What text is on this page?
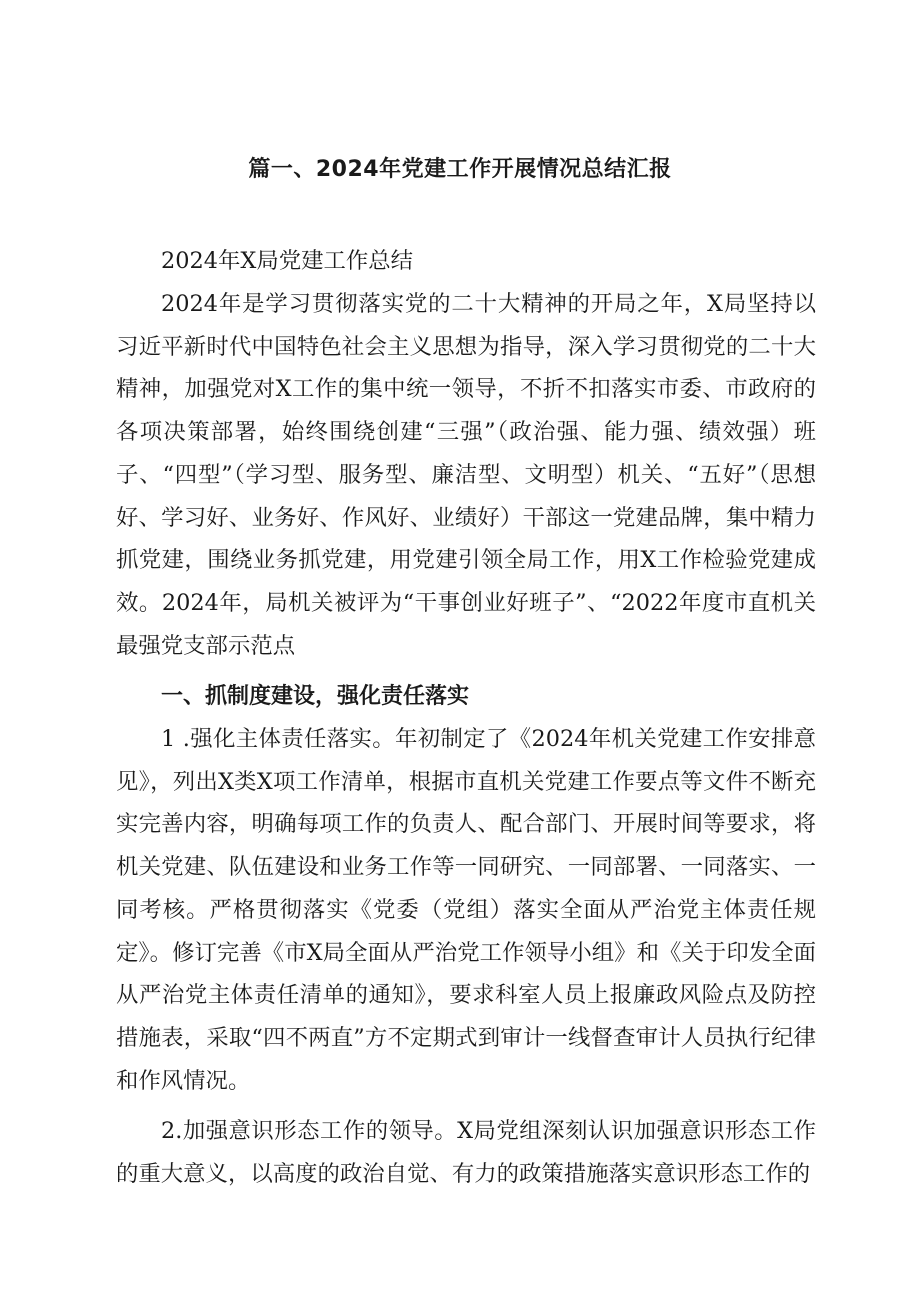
篇一、2024年党建工作开展情况总结汇报
2024年X局党建工作总结
2024年是学习贯彻落实党的二十大精神的开局之年，X局坚持以习近平新时代中国特色社会主义思想为指导，深入学习贯彻党的二十大精神，加强党对X工作的集中统一领导，不折不扣落实市委、市政府的各项决策部署，始终围绕创建“三强”（政治强、能力强、绩效强）班子、“四型”（学习型、服务型、廉洁型、文明型）机关、“五好”（思想好、学习好、业务好、作风好、业绩好）干部这一党建品牌，集中精力抓党建，围绕业务抓党建，用党建引领全局工作，用X工作检验党建成效。2024年，局机关被评为“干事创业好班子”、“2022年度市直机关最强党支部示范点
一、抓制度建设，强化责任落实
1 .强化主体责任落实。年初制定了《2024年机关党建工作安排意见》，列出X类X项工作清单，根据市直机关党建工作要点等文件不断充实完善内容，明确每项工作的负责人、配合部门、开展时间等要求，将机关党建、队伍建设和业务工作等一同研究、一同部署、一同落实、一同考核。严格贯彻落实《党委（党组）落实全面从严治党主体责任规定》。修订完善《市X局全面从严治党工作领导小组》和《关于印发全面从严治党主体责任清单的通知》，要求科室人员上报廉政风险点及防控措施表，采取“四不两直”方不定期式到审计一线督查审计人员执行纪律和作风情况。
2.加强意识形态工作的领导。X局党组深刻认识加强意识形态工作的重大意义，以高度的政治自觉、有力的政策措施落实意识形态工作的
